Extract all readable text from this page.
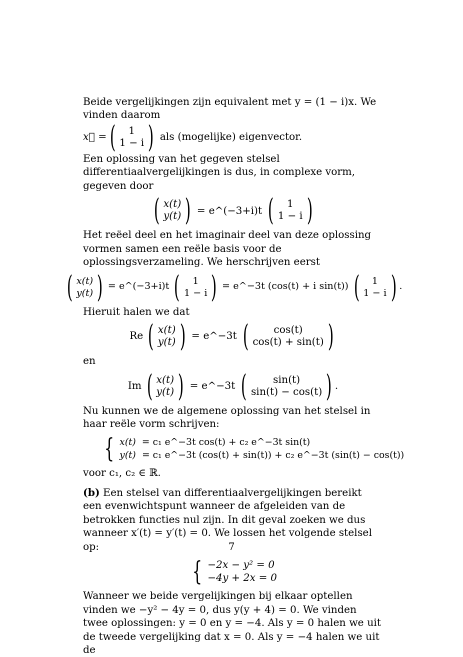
Beide vergelijkingen zijn equivalent met y = (1 − i)x. We vinden daarom

x⃗ = ( 1
1 − i ) als (mogelijke) eigenvector.

Een oplossing van het gegeven stelsel differentiaalvergelijkingen is dus, in complexe vorm, gegeven door

( x(t)
y(t) ) = e^(−3+i)t ( 1
1 − i )

Het reëel deel en het imaginair deel van deze oplossing vormen samen een reële basis voor de oplossingsverzameling. We herschrijven eerst

( x(t)
y(t) ) = e^(−3+i)t ( 1
1 − i ) = e^−3t (cos(t) + i sin(t)) ( 1
1 − i ) .

Hieruit halen we dat

Re ( x(t)
y(t) ) = e^−3t ( cos(t)
cos(t) + sin(t) )

en

Im ( x(t)
y(t) ) = e^−3t (	sin(t)
sin(t) − cos(t) ) .

Nu kunnen we de algemene oplossing van het stelsel in haar reële vorm schrijven:

{ x(t) = c₁ e^−3t cos(t) + c₂ e^−3t sin(t)
y(t) = c₁ e^−3t (cos(t) + sin(t)) + c₂ e^−3t (sin(t) − cos(t))

voor c₁, c₂ ∈ ℝ.

(b) Een stelsel van differentiaalvergelijkingen bereikt een evenwichtspunt wanneer de afgeleiden van de betrokken functies nul zijn. In dit geval zoeken we dus wanneer x′(t) = y′(t) = 0. We lossen het volgende stelsel op:

{ −2x − y² = 0
−4y + 2x = 0

Wanneer we beide vergelijkingen bij elkaar optellen vinden we −y² − 4y = 0, dus y(y + 4) = 0. We vinden twee oplossingen: y = 0 en y = −4. Als y = 0 halen we uit de tweede vergelijking dat x = 0. Als y = −4 halen we uit de

7
